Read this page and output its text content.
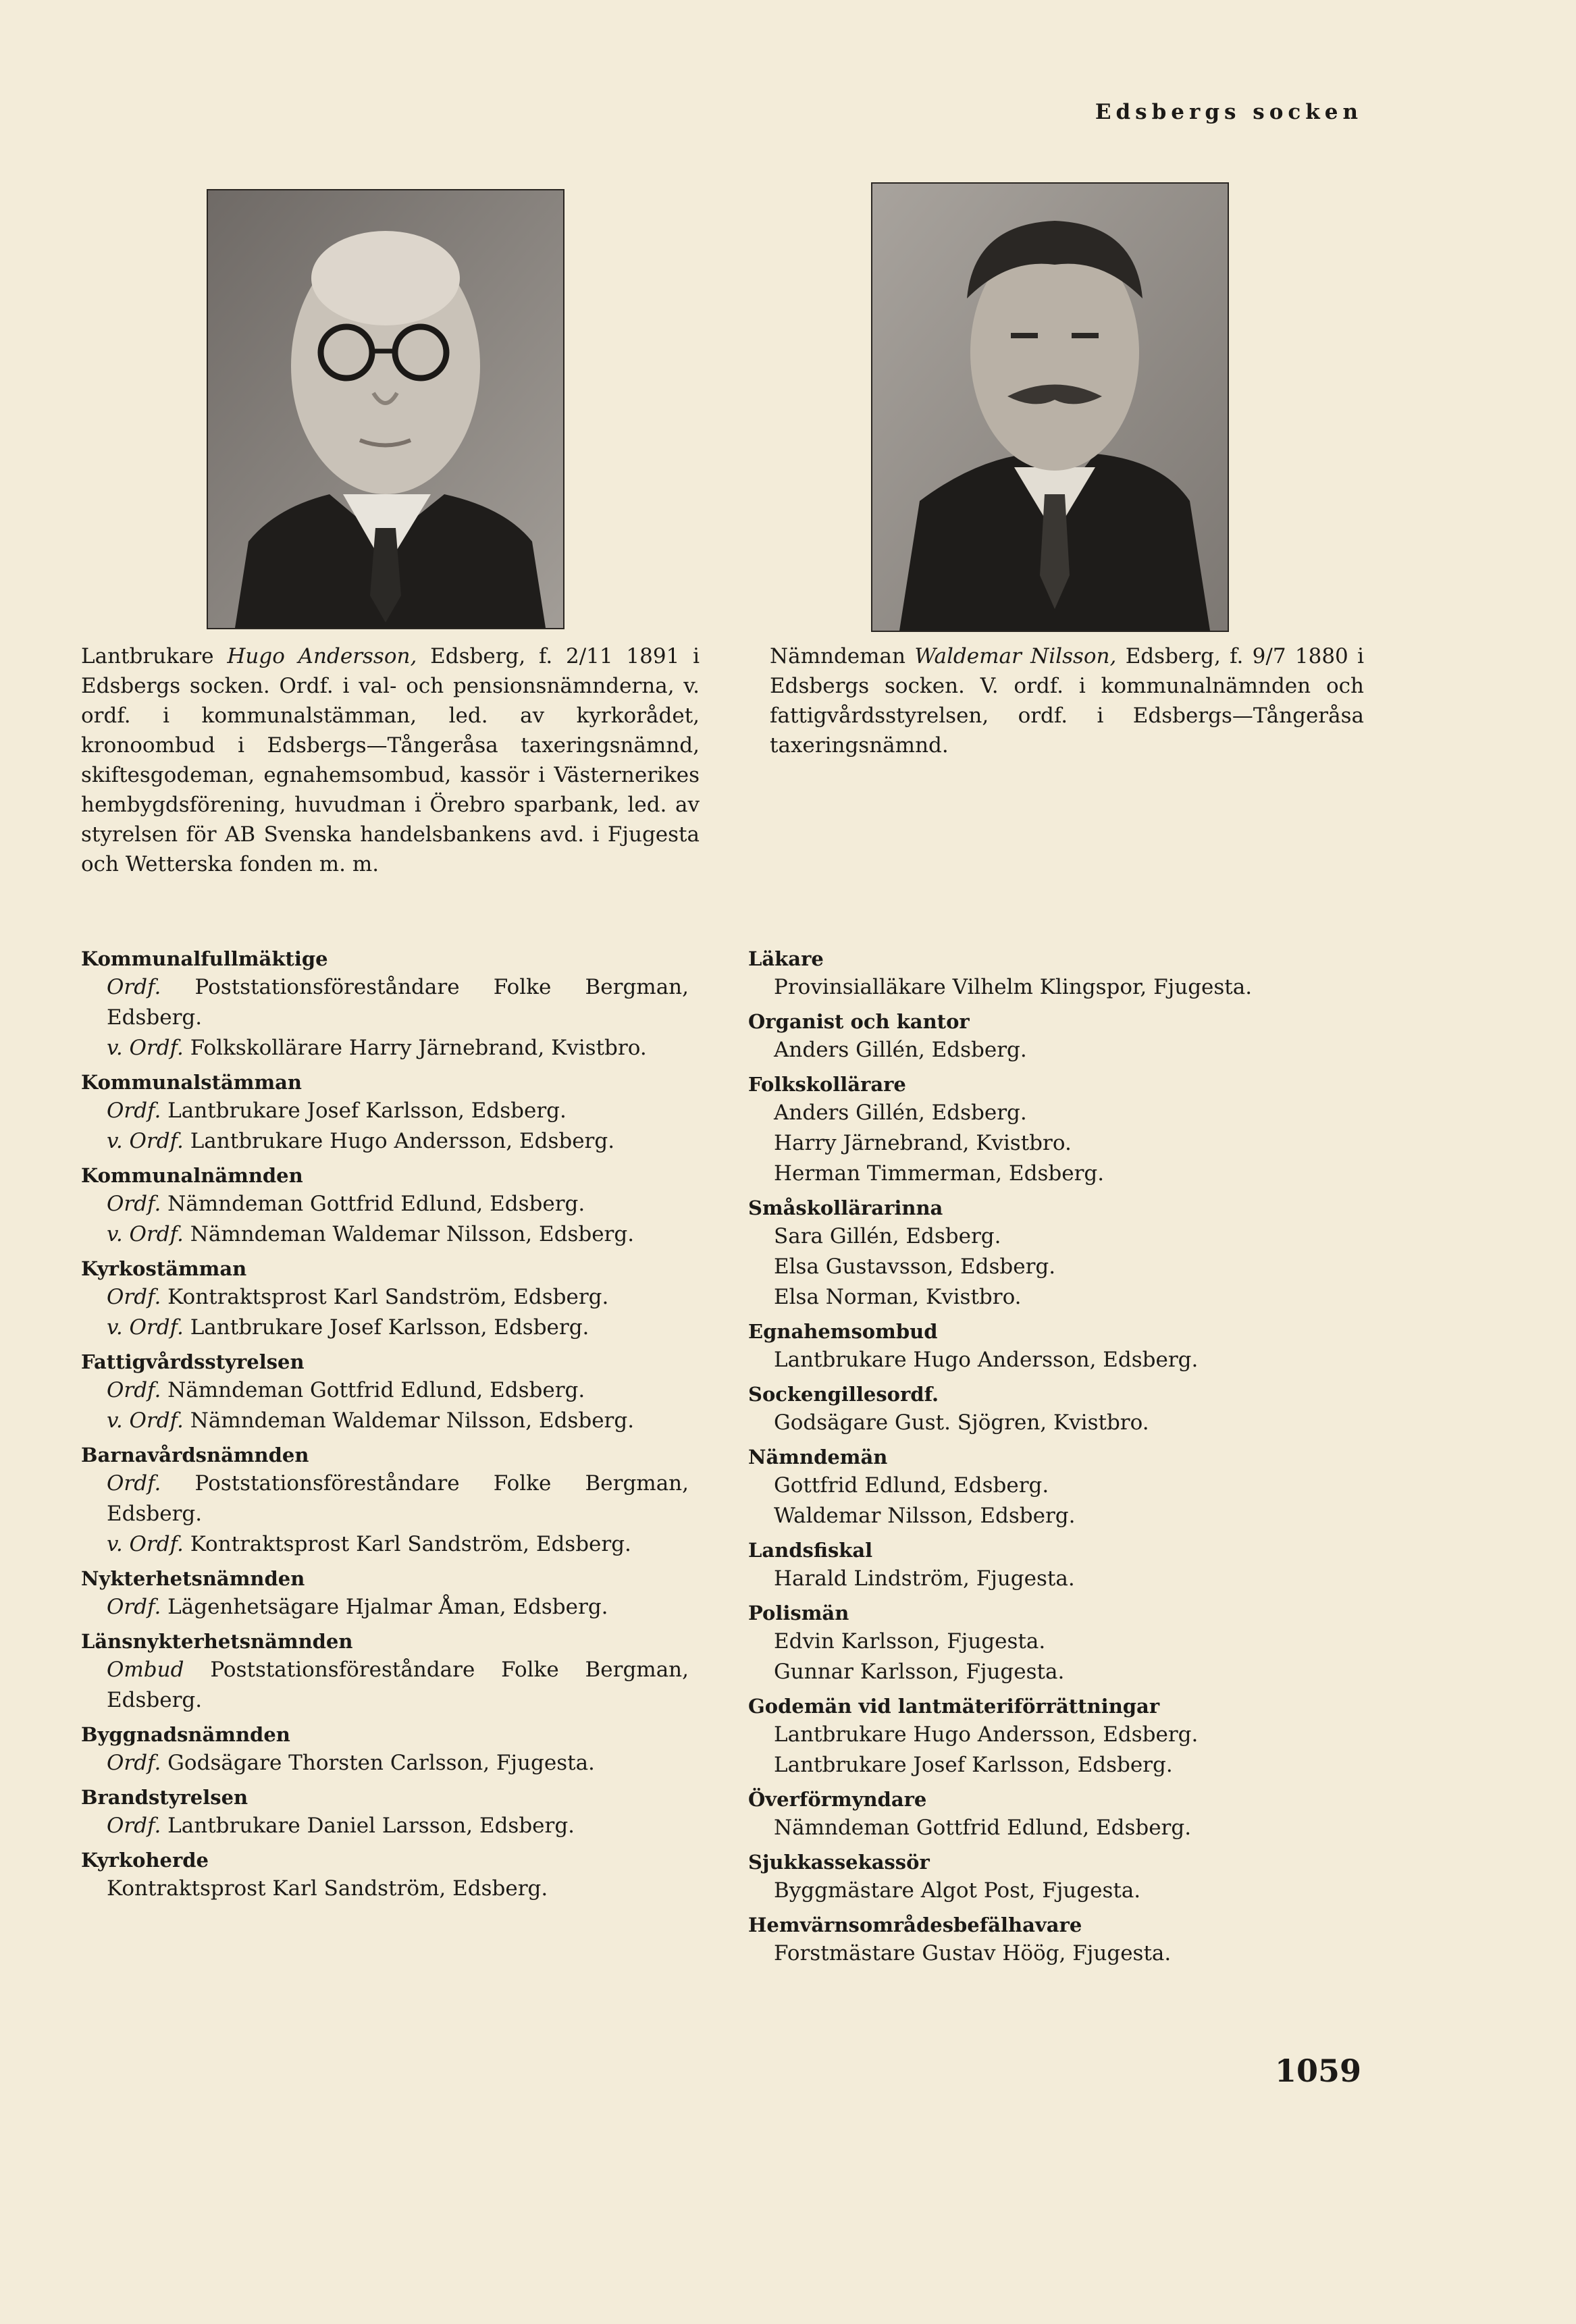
Edsbergs socken
Lantbrukare Hugo Andersson, Edsberg, f. 2/11 1891 i Edsbergs socken. Ordf. i val- och pensionsnämnderna, v. ordf. i kommunalstämman, led. av kyrkorådet, kronoombud i Edsbergs—Tångeråsa taxeringsnämnd, skiftesgodeman, egnahemsombud, kassör i Västernerikes hembygdsförening, huvudman i Örebro sparbank, led. av styrelsen för AB Svenska handelsbankens avd. i Fjugesta och Wetterska fonden m. m.
Nämndeman Waldemar Nilsson, Edsberg, f. 9/7 1880 i Edsbergs socken. V. ordf. i kommunalnämnden och fattigvårdsstyrelsen, ordf. i Edsbergs—Tångeråsa taxeringsnämnd.
Kommunalfullmäktige
Ordf. Poststationsföreståndare Folke Bergman, Edsberg.
v. Ordf. Folkskollärare Harry Järnebrand, Kvistbro.
Kommunalstämman
Ordf. Lantbrukare Josef Karlsson, Edsberg.
v. Ordf. Lantbrukare Hugo Andersson, Edsberg.
Kommunalnämnden
Ordf. Nämndeman Gottfrid Edlund, Edsberg.
v. Ordf. Nämndeman Waldemar Nilsson, Edsberg.
Kyrkostämman
Ordf. Kontraktsprost Karl Sandström, Edsberg.
v. Ordf. Lantbrukare Josef Karlsson, Edsberg.
Fattigvårdsstyrelsen
Ordf. Nämndeman Gottfrid Edlund, Edsberg.
v. Ordf. Nämndeman Waldemar Nilsson, Edsberg.
Barnavårdsnämnden
Ordf. Poststationsföreståndare Folke Bergman, Edsberg.
v. Ordf. Kontraktsprost Karl Sandström, Edsberg.
Nykterhetsnämnden
Ordf. Lägenhetsägare Hjalmar Åman, Edsberg.
Länsnykterhetsnämnden
Ombud Poststationsföreståndare Folke Bergman, Edsberg.
Byggnadsnämnden
Ordf. Godsägare Thorsten Carlsson, Fjugesta.
Brandstyrelsen
Ordf. Lantbrukare Daniel Larsson, Edsberg.
Kyrkoherde
Kontraktsprost Karl Sandström, Edsberg.
Läkare
Provinsialläkare Vilhelm Klingspor, Fjugesta.
Organist och kantor
Anders Gillén, Edsberg.
Folkskollärare
Anders Gillén, Edsberg.
Harry Järnebrand, Kvistbro.
Herman Timmerman, Edsberg.
Småskollärarinna
Sara Gillén, Edsberg.
Elsa Gustavsson, Edsberg.
Elsa Norman, Kvistbro.
Egnahemsombud
Lantbrukare Hugo Andersson, Edsberg.
Sockengillesordf.
Godsägare Gust. Sjögren, Kvistbro.
Nämndemän
Gottfrid Edlund, Edsberg.
Waldemar Nilsson, Edsberg.
Landsfiskal
Harald Lindström, Fjugesta.
Polismän
Edvin Karlsson, Fjugesta.
Gunnar Karlsson, Fjugesta.
Godemän vid lantmäteriförrättningar
Lantbrukare Hugo Andersson, Edsberg.
Lantbrukare Josef Karlsson, Edsberg.
Överförmyndare
Nämndeman Gottfrid Edlund, Edsberg.
Sjukkassekassör
Byggmästare Algot Post, Fjugesta.
Hemvärnsområdesbefälhavare
Forstmästare Gustav Höög, Fjugesta.
1059
